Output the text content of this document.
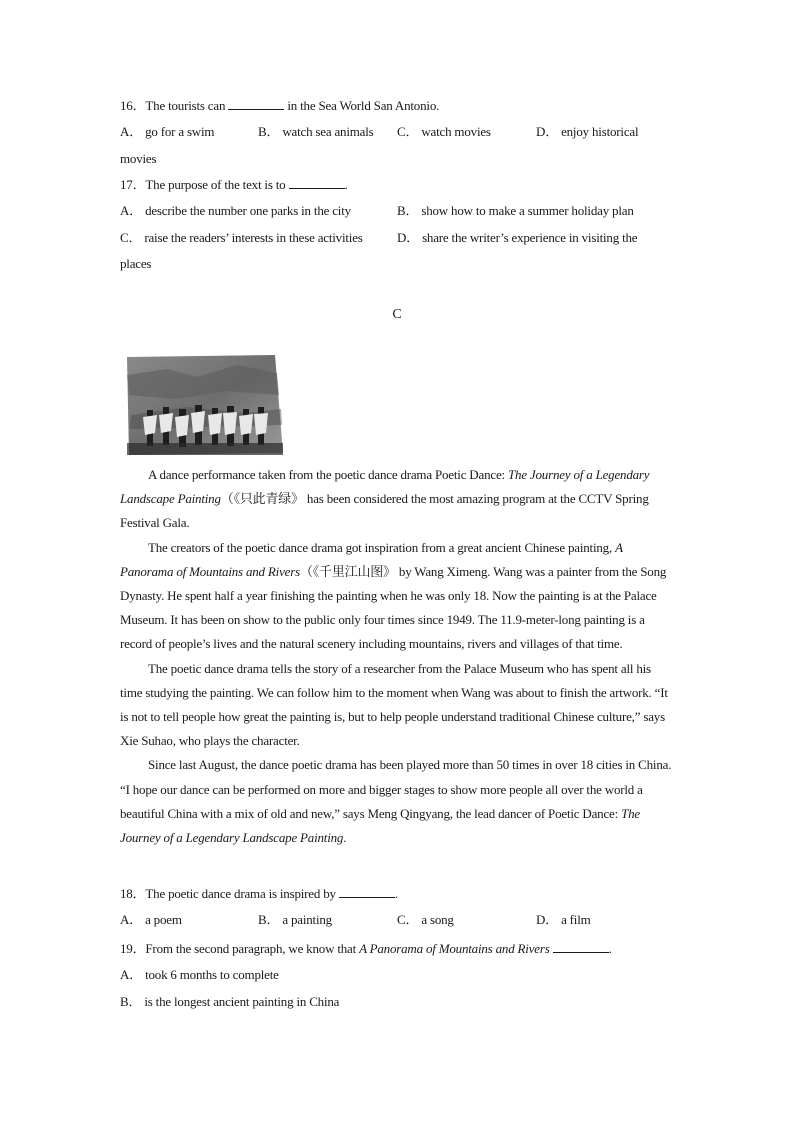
16．The tourists can	in the Sea World San Antonio.
A． go for a swim	B． watch sea animals C． watch movies	D． enjoy historical
movies
17．The purpose of the text is to	.
A． describe the number one parks in the city	B． show how to make a summer holiday plan
C． raise the readers’ interests in these activities	D． share the writer’s experience in visiting the
places
C

A dance performance taken from the poetic dance drama Poetic Dance: The Journey of a Legendary Landscape Painting（《只此青绿》 has been considered the most amazing program at the CCTV Spring Festival Gala.

The creators of the poetic dance drama got inspiration from a great ancient Chinese painting, A Panorama of Mountains and Rivers（《千里江山图》 by Wang Ximeng. Wang was a painter from the Song Dynasty. He spent half a year finishing the painting when he was only 18. Now the painting is at the Palace Museum. It has been on show to the public only four times since 1949. The 11.9-meter-long painting is a record of people’s lives and the natural scenery including mountains, rivers and villages of that time.

The poetic dance drama tells the story of a researcher from the Palace Museum who has spent all his time studying the painting. We can follow him to the moment when Wang was about to finish the artwork. “It is not to tell people how great the painting is, but to help people understand traditional Chinese culture,” says Xie Suhao, who plays the character.

Since last August, the dance poetic drama has been played more than 50 times in over 18 cities in China. “I hope our dance can be performed on more and bigger stages to show more people all over the world a beautiful China with a mix of old and new,” says Meng Qingyang, the lead dancer of Poetic Dance: The Journey of a Legendary Landscape Painting.

18．The poetic dance drama is inspired by	.
A． a poem	B． a painting	C． a song	D． a film
19．From the second paragraph, we know that A Panorama of Mountains and Rivers	.
A． took 6 months to complete
B． is the longest ancient painting in China
